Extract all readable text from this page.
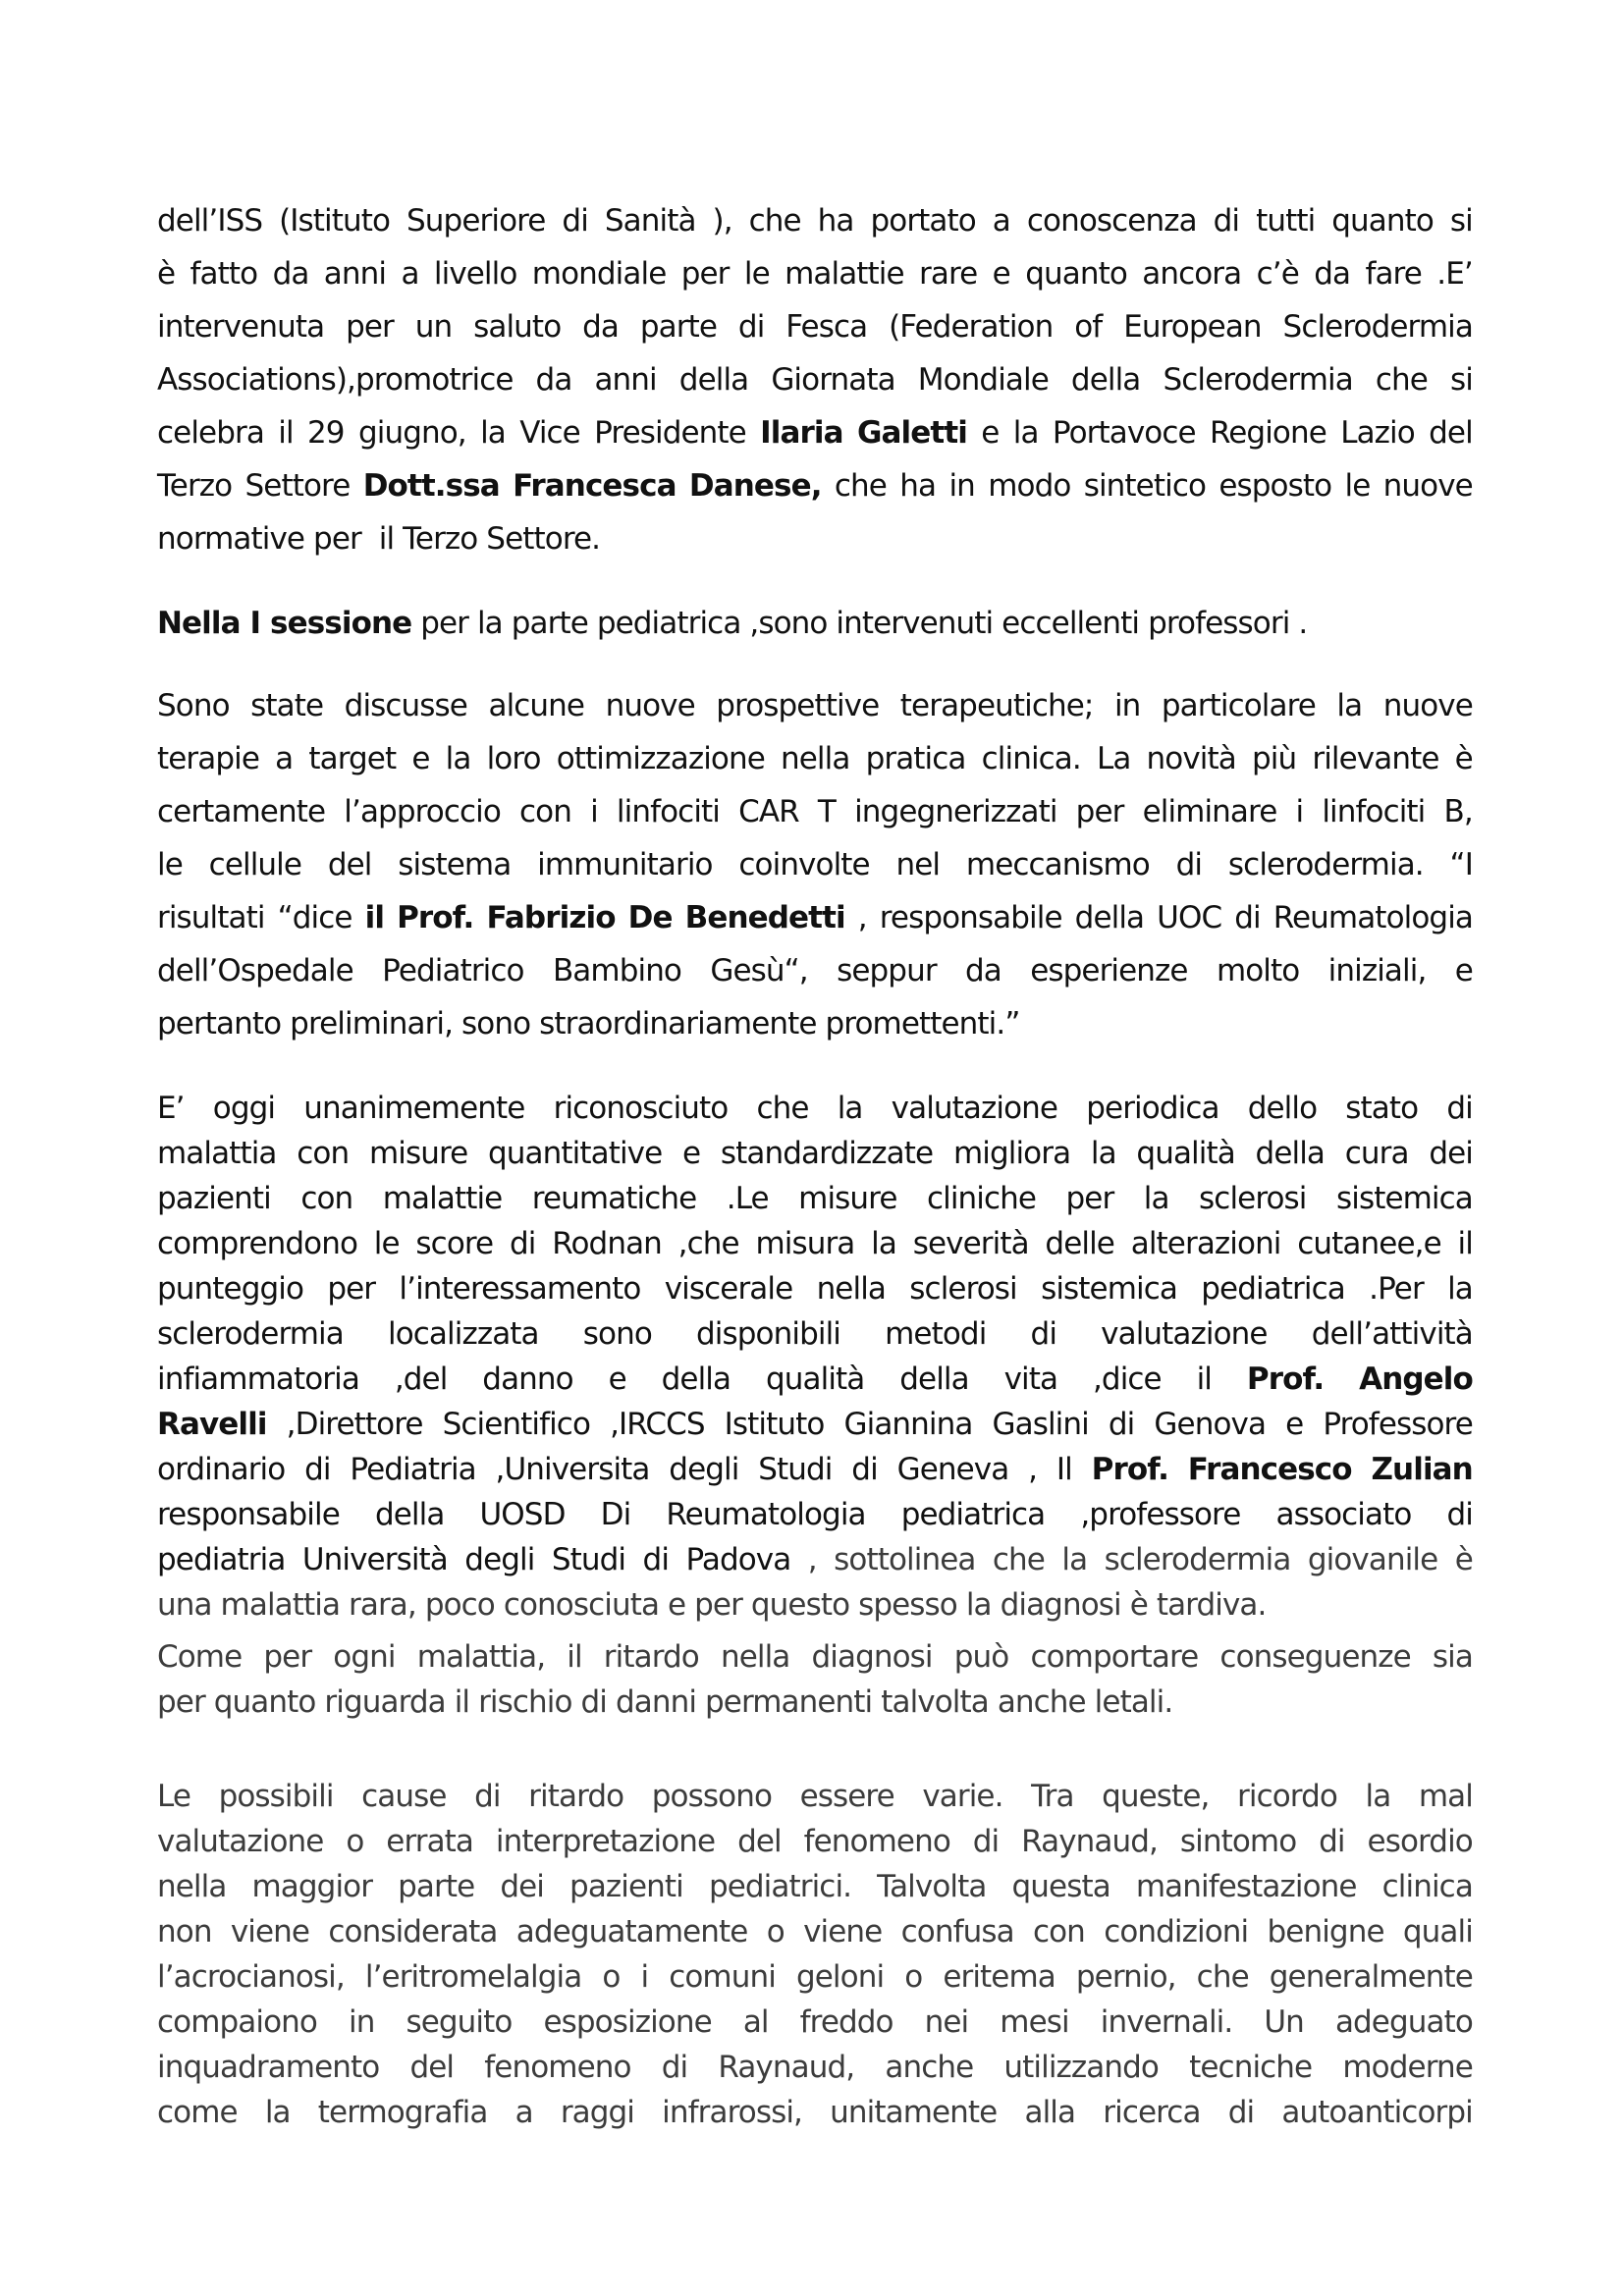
dell’ISS (Istituto Superiore di Sanità ), che ha portato a conoscenza di tutti quanto si
è fatto da anni a livello mondiale per le malattie rare e quanto ancora c’è da fare .E’
intervenuta per un saluto da parte di Fesca (Federation of European Sclerodermia
Associations),promotrice da anni della Giornata Mondiale della Sclerodermia che si
celebra il 29 giugno, la Vice Presidente Ilaria Galetti e la Portavoce Regione Lazio del
Terzo Settore Dott.ssa Francesca Danese, che ha in modo sintetico esposto le nuove
normative per  il Terzo Settore.
Nella I sessione per la parte pediatrica ,sono intervenuti eccellenti professori .
Sono state discusse alcune nuove prospettive terapeutiche; in particolare la nuove
terapie a target e la loro ottimizzazione nella pratica clinica. La novità più rilevante è
certamente l’approccio con i linfociti CAR T ingegnerizzati per eliminare i linfociti B,
le cellule del sistema immunitario coinvolte nel meccanismo di sclerodermia. “I
risultati “dice il Prof. Fabrizio De Benedetti , responsabile della UOC di Reumatologia
dell’Ospedale Pediatrico Bambino Gesù“, seppur da esperienze molto iniziali, e
pertanto preliminari, sono straordinariamente promettenti.”
E’ oggi unanimemente riconosciuto che la valutazione periodica dello stato di
malattia con misure quantitative e standardizzate migliora la qualità della cura dei
pazienti con malattie reumatiche .Le misure cliniche per la sclerosi sistemica
comprendono le score di Rodnan ,che misura la severità delle alterazioni cutanee,e il
punteggio per l’interessamento viscerale nella sclerosi sistemica pediatrica .Per la
sclerodermia localizzata sono disponibili metodi di valutazione dell’attività
infiammatoria ,del danno e della qualità della vita ,dice il Prof. Angelo
Ravelli ,Direttore Scientifico ,IRCCS Istituto Giannina Gaslini di Genova e Professore
ordinario di Pediatria ,Universita degli Studi di Geneva , Il Prof. Francesco Zulian
responsabile della UOSD Di Reumatologia pediatrica ,professore associato di
pediatria Università degli Studi di Padova , sottolinea che la sclerodermia giovanile è
una malattia rara, poco conosciuta e per questo spesso la diagnosi è tardiva.
Come per ogni malattia, il ritardo nella diagnosi può comportare conseguenze sia
per quanto riguarda il rischio di danni permanenti talvolta anche letali.
Le possibili cause di ritardo possono essere varie. Tra queste, ricordo la mal
valutazione o errata interpretazione del fenomeno di Raynaud, sintomo di esordio
nella maggior parte dei pazienti pediatrici. Talvolta questa manifestazione clinica
non viene considerata adeguatamente o viene confusa con condizioni benigne quali
l’acrocianosi, l’eritromelalgia o i comuni geloni o eritema pernio, che generalmente
compaiono in seguito esposizione al freddo nei mesi invernali. Un adeguato
inquadramento del fenomeno di Raynaud, anche utilizzando tecniche moderne
come la termografia a raggi infrarossi, unitamente alla ricerca di autoanticorpi
